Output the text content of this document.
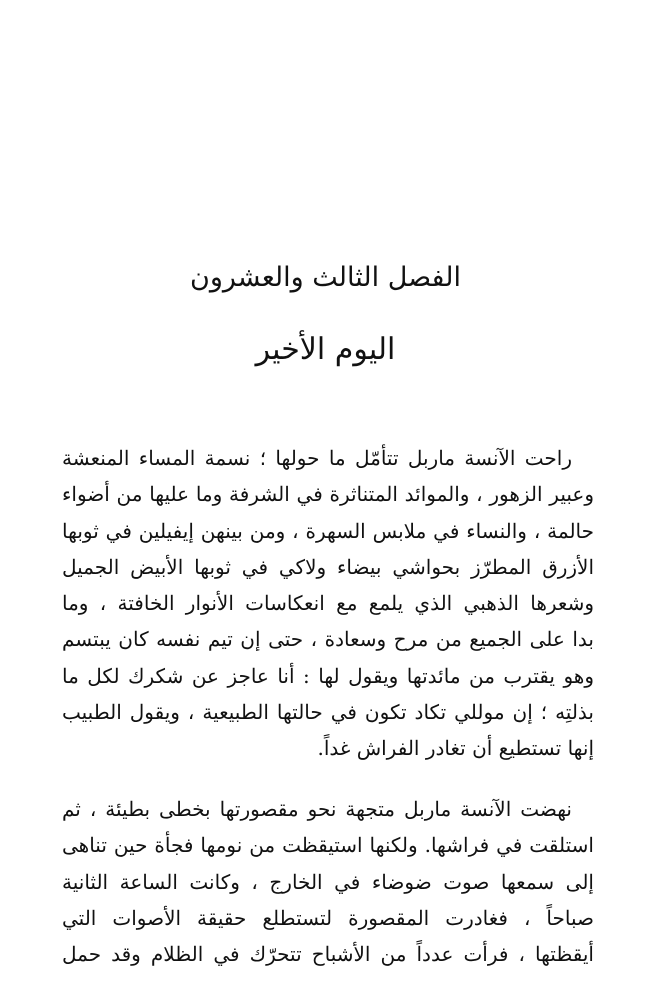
الفصل الثالث والعشرون
اليوم الأخير
راحت الآنسة ماربل تتأمّل ما حولها ؛ نسمة المساء المنعشة
وعبير الزهور ، والموائد المتناثرة في الشرفة وما عليها من أضواء
حالمة ، والنساء في ملابس السهرة ، ومن بينهن إيفيلين في ثوبها
الأزرق المطرّز بحواشي بيضاء ولاكي في ثوبها الأبيض الجميل
وشعرها الذهبي الذي يلمع مع انعكاسات الأنوار الخافتة ، وما
بدا على الجميع من مرح وسعادة ، حتى إن تيم نفسه كان يبتسم
وهو يقترب من مائدتها ويقول لها : أنا عاجز عن شكرك لكل ما
بذلتِه ؛ إن موللي تكاد تكون في حالتها الطبيعية ، ويقول الطبيب
إنها تستطيع أن تغادر الفراش غداً.
نهضت الآنسة ماربل متجهة نحو مقصورتها بخطى بطيئة ، ثم
استلقت في فراشها. ولكنها استيقظت من نومها فجأة حين تناهى
إلى سمعها صوت ضوضاء في الخارج ، وكانت الساعة الثانية
صباحاً ، فغادرت المقصورة لتستطلع حقيقة الأصوات التي
أيقظتها ، فرأت عدداً من الأشباح تتحرّك في الظلام وقد حمل
